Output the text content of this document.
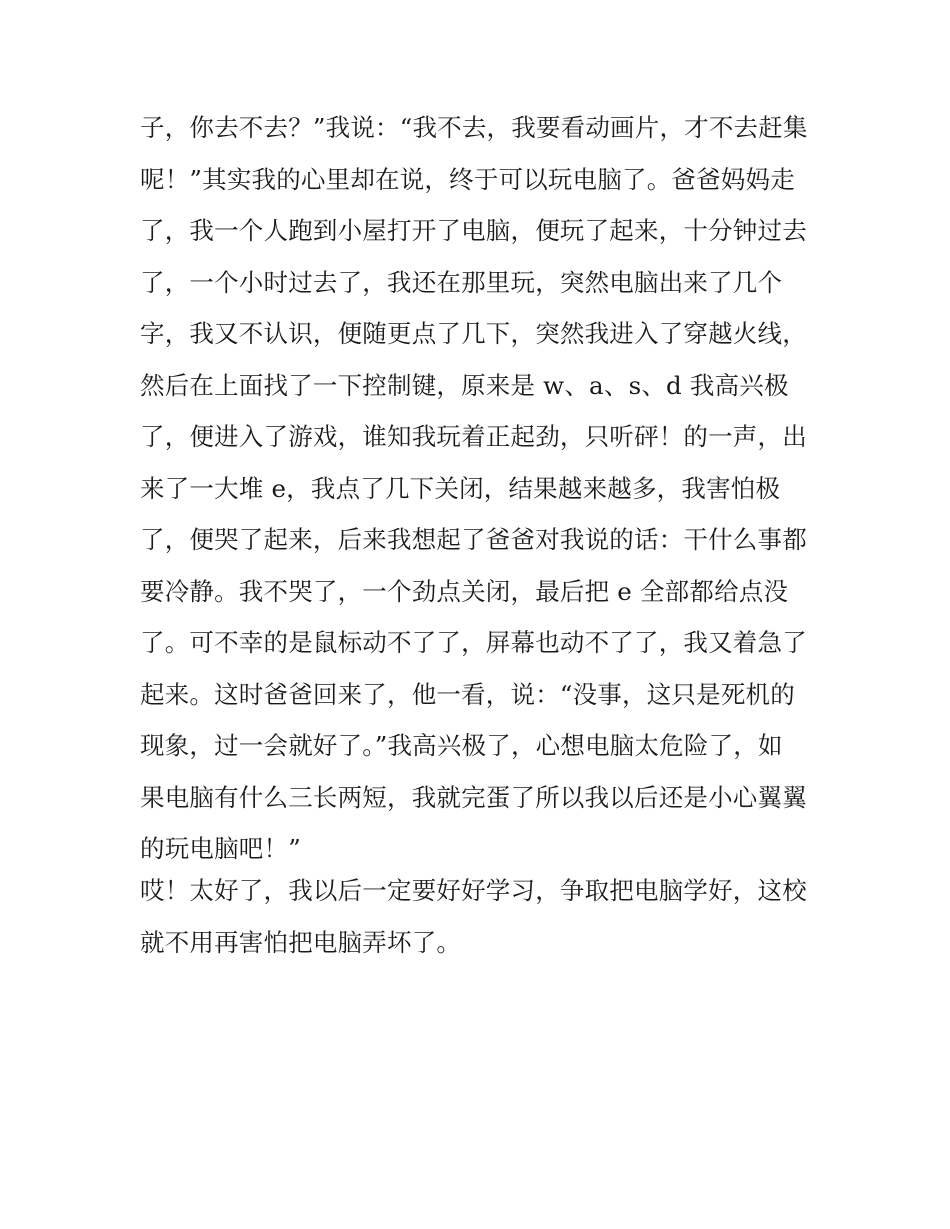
子，你去不去？”我说：“我不去，我要看动画片，才不去赶集
呢！”其实我的心里却在说，终于可以玩电脑了。爸爸妈妈走
了，我一个人跑到小屋打开了电脑，便玩了起来，十分钟过去
了，一个小时过去了，我还在那里玩，突然电脑出来了几个
字，我又不认识，便随更点了几下，突然我进入了穿越火线，
然后在上面找了一下控制键，原来是 w、a、s、d 我高兴极
了，便进入了游戏，谁知我玩着正起劲，只听砰！的一声，出
来了一大堆 e，我点了几下关闭，结果越来越多，我害怕极
了，便哭了起来，后来我想起了爸爸对我说的话：干什么事都
要冷静。我不哭了，一个劲点关闭，最后把 e 全部都给点没
了。可不幸的是鼠标动不了了，屏幕也动不了了，我又着急了
起来。这时爸爸回来了，他一看，说：“没事，这只是死机的
现象，过一会就好了。”我高兴极了，心想电脑太危险了，如
果电脑有什么三长两短，我就完蛋了所以我以后还是小心翼翼
的玩电脑吧！”
哎！太好了，我以后一定要好好学习，争取把电脑学好，这校
就不用再害怕把电脑弄坏了。
